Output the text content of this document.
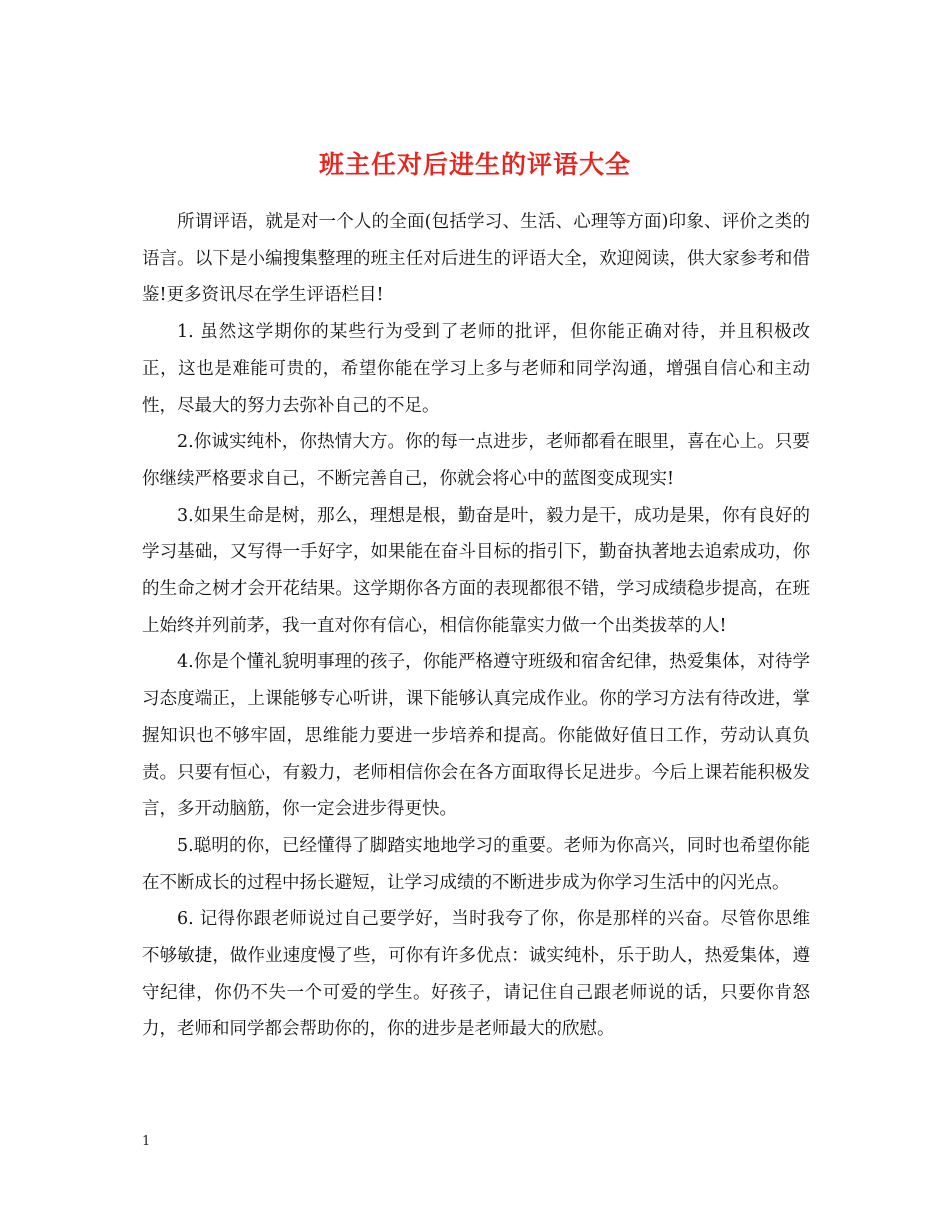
班主任对后进生的评语大全

所谓评语，就是对一个人的全面(包括学习、生活、心理等方面)印象、评价之类的语言。以下是小编搜集整理的班主任对后进生的评语大全，欢迎阅读，供大家参考和借鉴!更多资讯尽在学生评语栏目!

1. 虽然这学期你的某些行为受到了老师的批评，但你能正确对待，并且积极改正，这也是难能可贵的，希望你能在学习上多与老师和同学沟通，增强自信心和主动性，尽最大的努力去弥补自己的不足。

2.你诚实纯朴，你热情大方。你的每一点进步，老师都看在眼里，喜在心上。只要你继续严格要求自己，不断完善自己，你就会将心中的蓝图变成现实!

3.如果生命是树，那么，理想是根，勤奋是叶，毅力是干，成功是果，你有良好的学习基础，又写得一手好字，如果能在奋斗目标的指引下，勤奋执著地去追索成功，你的生命之树才会开花结果。这学期你各方面的表现都很不错，学习成绩稳步提高，在班上始终并列前茅，我一直对你有信心，相信你能靠实力做一个出类拔萃的人!

4.你是个懂礼貌明事理的孩子，你能严格遵守班级和宿舍纪律，热爱集体，对待学习态度端正，上课能够专心听讲，课下能够认真完成作业。你的学习方法有待改进，掌握知识也不够牢固，思维能力要进一步培养和提高。你能做好值日工作，劳动认真负责。只要有恒心，有毅力，老师相信你会在各方面取得长足进步。今后上课若能积极发言，多开动脑筋，你一定会进步得更快。

5.聪明的你，已经懂得了脚踏实地地学习的重要。老师为你高兴，同时也希望你能在不断成长的过程中扬长避短，让学习成绩的不断进步成为你学习生活中的闪光点。

6. 记得你跟老师说过自己要学好，当时我夸了你，你是那样的兴奋。尽管你思维不够敏捷，做作业速度慢了些，可你有许多优点：诚实纯朴，乐于助人，热爱集体，遵守纪律，你仍不失一个可爱的学生。好孩子，请记住自己跟老师说的话，只要你肯怒力，老师和同学都会帮助你的，你的进步是老师最大的欣慰。

1
